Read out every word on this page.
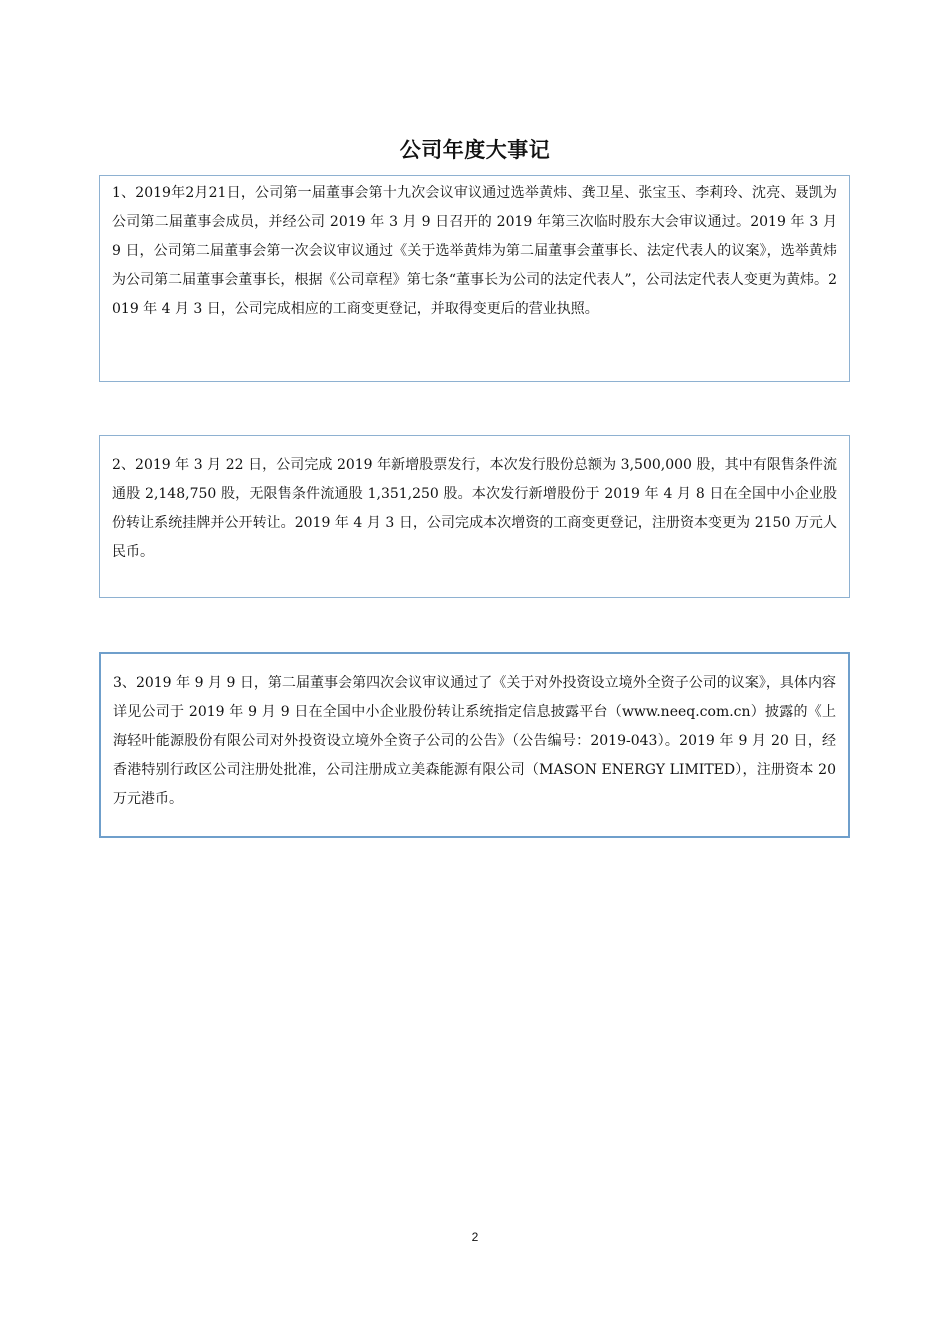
公司年度大事记

1、2019年2月21日，公司第一届董事会第十九次会议审议通过选举黄炜、龚卫星、张宝玉、李莉玲、沈亮、聂凯为公司第二届董事会成员，并经公司 2019 年 3 月 9 日召开的 2019 年第三次临时股东大会审议通过。2019 年 3 月 9 日，公司第二届董事会第一次会议审议通过《关于选举黄炜为第二届董事会董事长、法定代表人的议案》，选举黄炜为公司第二届董事会董事长，根据《公司章程》第七条“董事长为公司的法定代表人”，公司法定代表人变更为黄炜。2019 年 4 月 3 日，公司完成相应的工商变更登记，并取得变更后的营业执照。

2、2019 年 3 月 22 日，公司完成 2019 年新增股票发行，本次发行股份总额为 3,500,000 股，其中有限售条件流通股 2,148,750 股，无限售条件流通股 1,351,250 股。本次发行新增股份于 2019 年 4 月 8 日在全国中小企业股份转让系统挂牌并公开转让。2019 年 4 月 3 日，公司完成本次增资的工商变更登记，注册资本变更为 2150 万元人民币。

3、2019 年 9 月 9 日，第二届董事会第四次会议审议通过了《关于对外投资设立境外全资子公司的议案》，具体内容详见公司于 2019 年 9 月 9 日在全国中小企业股份转让系统指定信息披露平台（www.neeq.com.cn）披露的《上海轻叶能源股份有限公司对外投资设立境外全资子公司的公告》（公告编号：2019-043）。2019 年 9 月 20 日，经香港特别行政区公司注册处批准，公司注册成立美森能源有限公司（MASON ENERGY LIMITED），注册资本 20 万元港币。

2
